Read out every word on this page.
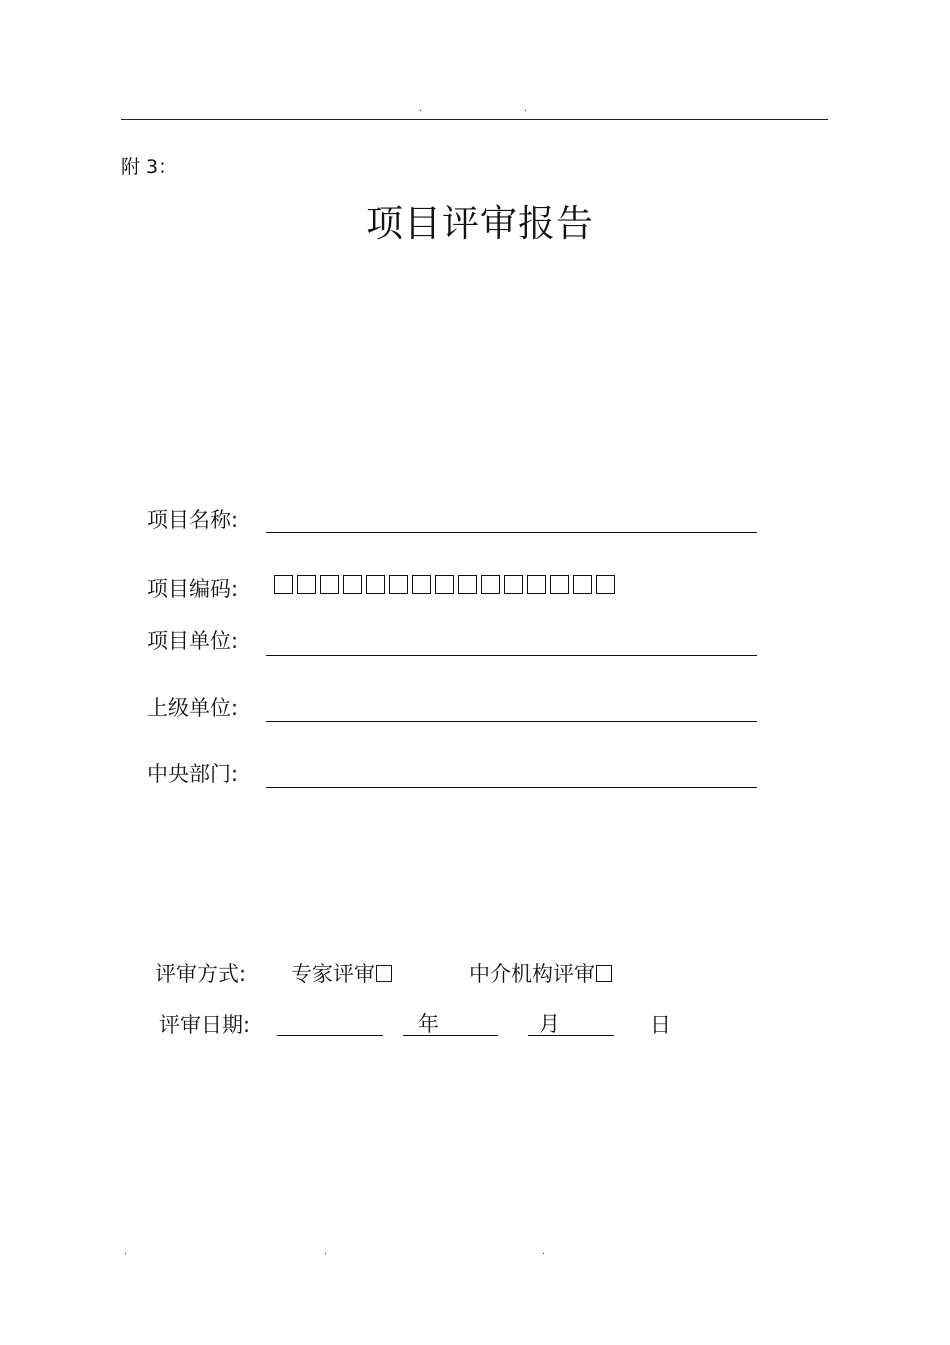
.	.
附 3：
项目评审报告
项目名称:
项目编码:
项目单位:
上级单位:
中央部门:
评审方式: 专家评审	中介机构评审
评审日期:	年	月	日
.	.	.
